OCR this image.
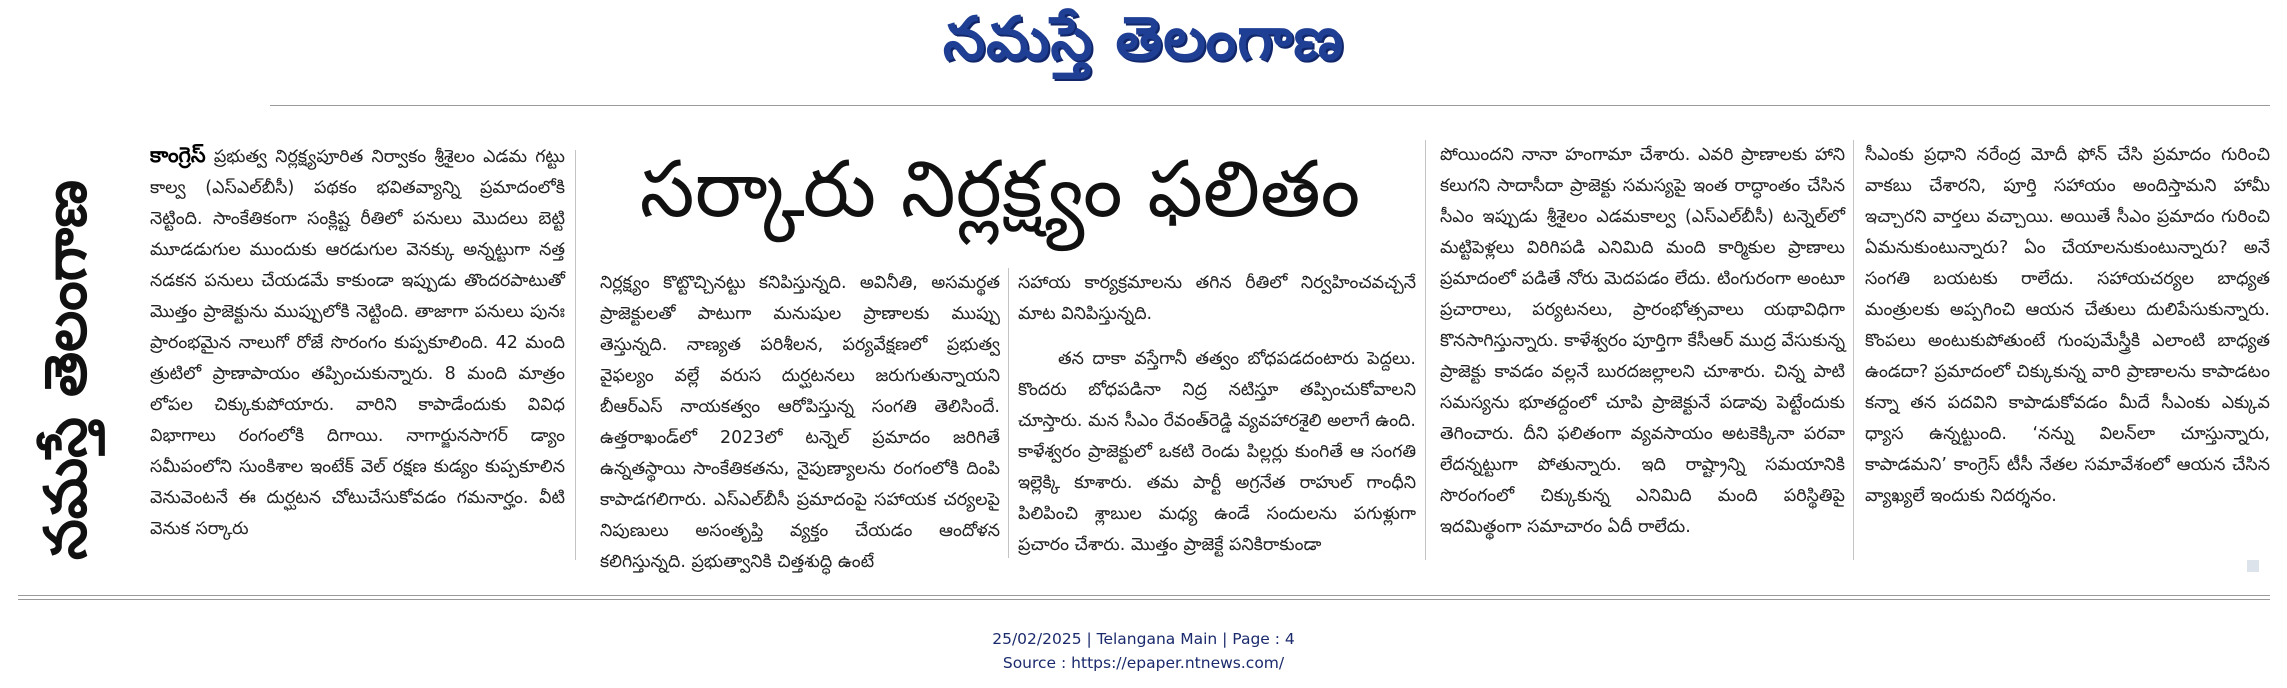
నమస్తే తెలంగాణ
నమస్తే తెలంగాణ
కాంగ్రెస్ ప్రభుత్వ నిర్లక్ష్యపూరిత నిర్వాకం శ్రీశైలం ఎడమ గట్టు కాల్వ (ఎస్‌ఎల్‌బీసీ) పథకం భవితవ్యాన్ని ప్రమాదంలోకి నెట్టింది. సాంకేతికంగా సంక్లిష్ట రీతిలో పనులు మొదలు బెట్టి మూడడుగుల ముందుకు ఆరడుగుల వెనక్కు అన్నట్టుగా నత్త నడకన పనులు చేయడమే కాకుండా ఇప్పుడు తొందరపాటుతో మొత్తం ప్రాజెక్టును ముప్పులోకి నెట్టింది. తాజాగా పనులు పునః ప్రారంభమైన నాలుగో రోజే సొరంగం కుప్పకూలింది. 42 మంది త్రుటిలో ప్రాణాపాయం తప్పించుకున్నారు. 8 మంది మాత్రం లోపల చిక్కుకుపోయారు. వారిని కాపాడేందుకు వివిధ విభాగాలు రంగంలోకి దిగాయి. నాగార్జునసాగర్ డ్యాం సమీపంలోని సుంకిశాల ఇంటేక్ వెల్ రక్షణ కుడ్యం కుప్పకూలిన వెనువెంటనే ఈ దుర్ఘటన చోటుచేసుకోవడం గమనార్హం. వీటి వెనుక సర్కారు
సర్కారు నిర్లక్ష్యం ఫలితం
నిర్లక్ష్యం కొట్టొచ్చినట్టు కనిపిస్తున్నది. అవినీతి, అసమర్థత ప్రాజెక్టులతో పాటుగా మనుషుల ప్రాణాలకు ముప్పు తెస్తున్నది. నాణ్యత పరిశీలన, పర్యవేక్షణలో ప్రభుత్వ వైఫల్యం వల్లే వరుస దుర్ఘటనలు జరుగుతున్నాయని బీఆర్‌ఎస్ నాయకత్వం ఆరోపిస్తున్న సంగతి తెలిసిందే. ఉత్తరాఖండ్‌లో 2023లో టన్నెల్ ప్రమాదం జరిగితే ఉన్నతస్థాయి సాంకేతికతను, నైపుణ్యాలను రంగంలోకి దింపి కాపాడగలిగారు. ఎస్‌ఎల్‌బీసీ ప్రమాదంపై సహాయక చర్యలపై నిపుణులు అసంతృప్తి వ్యక్తం చేయడం ఆందోళన కలిగిస్తున్నది. ప్రభుత్వానికి చిత్తశుద్ధి ఉంటే

సహాయ కార్యక్రమాలను తగిన రీతిలో నిర్వహించవచ్చనే మాట వినిపిస్తున్నది.

తన దాకా వస్తేగానీ తత్వం బోధపడదంటారు పెద్దలు. కొందరు బోధపడినా నిద్ర నటిస్తూ తప్పించుకోవాలని చూస్తారు. మన సీఎం రేవంత్‌రెడ్డి వ్యవహారశైలి అలాగే ఉంది. కాళేశ్వరం ప్రాజెక్టులో ఒకటి రెండు పిల్లర్లు కుంగితే ఆ సంగతి ఇల్లెక్కి కూశారు. తమ పార్టీ అగ్రనేత రాహుల్ గాంధీని పిలిపించి శ్లాబుల మధ్య ఉండే సందులను పగుళ్లుగా ప్రచారం చేశారు. మొత్తం ప్రాజెక్టే పనికిరాకుండా

పోయిందని నానా హంగామా చేశారు. ఎవరి ప్రాణాలకు హాని కలుగని సాదాసీదా ప్రాజెక్టు సమస్యపై ఇంత రాద్ధాంతం చేసిన సీఎం ఇప్పుడు శ్రీశైలం ఎడమకాల్వ (ఎస్‌ఎల్‌బీసీ) టన్నెల్‌లో మట్టిపెళ్లలు విరిగిపడి ఎనిమిది మంది కార్మికుల ప్రాణాలు ప్రమాదంలో పడితే నోరు మెదపడం లేదు. టింగురంగా అంటూ ప్రచారాలు, పర్యటనలు, ప్రారంభోత్సవాలు యథావిధిగా కొనసాగిస్తున్నారు. కాళేశ్వరం పూర్తిగా కేసీఆర్ ముద్ర వేసుకున్న ప్రాజెక్టు కావడం వల్లనే బురదజల్లాలని చూశారు. చిన్న పాటి సమస్యను భూతద్దంలో చూపి ప్రాజెక్టునే పడావు పెట్టేందుకు తెగించారు. దీని ఫలితంగా వ్యవసాయం అటకెక్కినా పరవా లేదన్నట్టుగా పోతున్నారు. ఇది రాష్ట్రాన్ని సమయానికి సొరంగంలో చిక్కుకున్న ఎనిమిది మంది పరిస్థితిపై ఇదమిత్థంగా సమాచారం ఏదీ రాలేదు.
సీఎంకు ప్రధాని నరేంద్ర మోదీ ఫోన్ చేసి ప్రమాదం గురించి వాకబు చేశారని, పూర్తి సహాయం అందిస్తామని హామీ ఇచ్చారని వార్తలు వచ్చాయి. అయితే సీఎం ప్రమాదం గురించి ఏమనుకుంటున్నారు? ఏం చేయాలనుకుంటున్నారు? అనే సంగతి బయటకు రాలేదు. సహాయచర్యల బాధ్యత మంత్రులకు అప్పగించి ఆయన చేతులు దులిపేసుకున్నారు. కొంపలు అంటుకుపోతుంటే గుంపుమేస్త్రీకి ఎలాంటి బాధ్యత ఉండదా? ప్రమాదంలో చిక్కుకున్న వారి ప్రాణాలను కాపాడటం కన్నా తన పదవిని కాపాడుకోవడం మీదే సీఎంకు ఎక్కువ ధ్యాస ఉన్నట్టుంది. ‘నన్ను విలన్‌లా చూస్తున్నారు, కాపాడమని’ కాంగ్రెస్ టీసీ నేతల సమావేశంలో ఆయన చేసిన వ్యాఖ్యలే ఇందుకు నిదర్శనం.
25/02/2025 | Telangana Main | Page : 4
Source : https://epaper.ntnews.com/
